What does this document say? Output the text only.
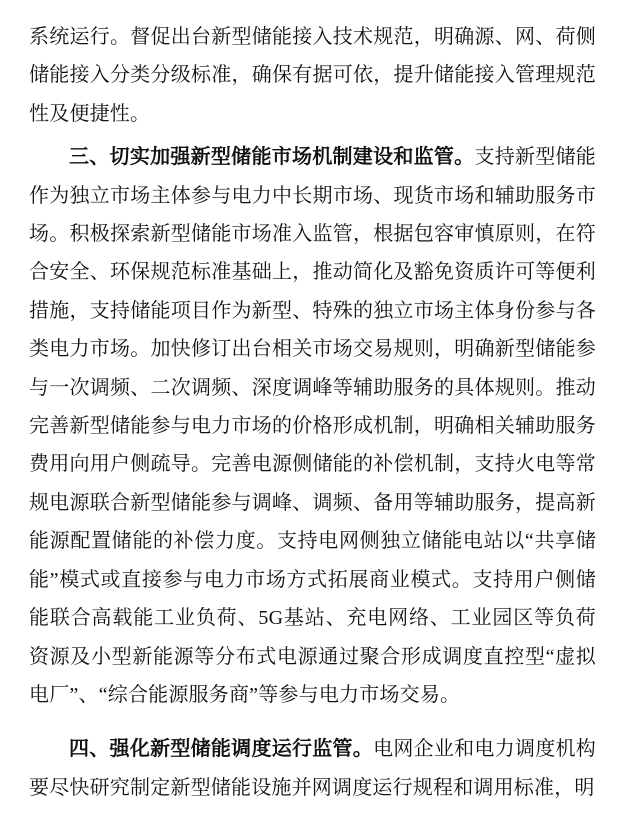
系统运行。督促出台新型储能接入技术规范，明确源、网、荷侧储能接入分类分级标准，确保有据可依，提升储能接入管理规范性及便捷性。

三、切实加强新型储能市场机制建设和监管。支持新型储能作为独立市场主体参与电力中长期市场、现货市场和辅助服务市场。积极探索新型储能市场准入监管，根据包容审慎原则，在符合安全、环保规范标准基础上，推动简化及豁免资质许可等便利措施，支持储能项目作为新型、特殊的独立市场主体身份参与各类电力市场。加快修订出台相关市场交易规则，明确新型储能参与一次调频、二次调频、深度调峰等辅助服务的具体规则。推动完善新型储能参与电力市场的价格形成机制，明确相关辅助服务费用向用户侧疏导。完善电源侧储能的补偿机制，支持火电等常规电源联合新型储能参与调峰、调频、备用等辅助服务，提高新能源配置储能的补偿力度。支持电网侧独立储能电站以“共享储能”模式或直接参与电力市场方式拓展商业模式。支持用户侧储能联合高载能工业负荷、5G基站、充电网络、工业园区等负荷资源及小型新能源等分布式电源通过聚合形成调度直控型“虚拟电厂”、“综合能源服务商”等参与电力市场交易。

四、强化新型储能调度运行监管。电网企业和电力调度机构要尽快研究制定新型储能设施并网调度运行规程和调用标准，明
